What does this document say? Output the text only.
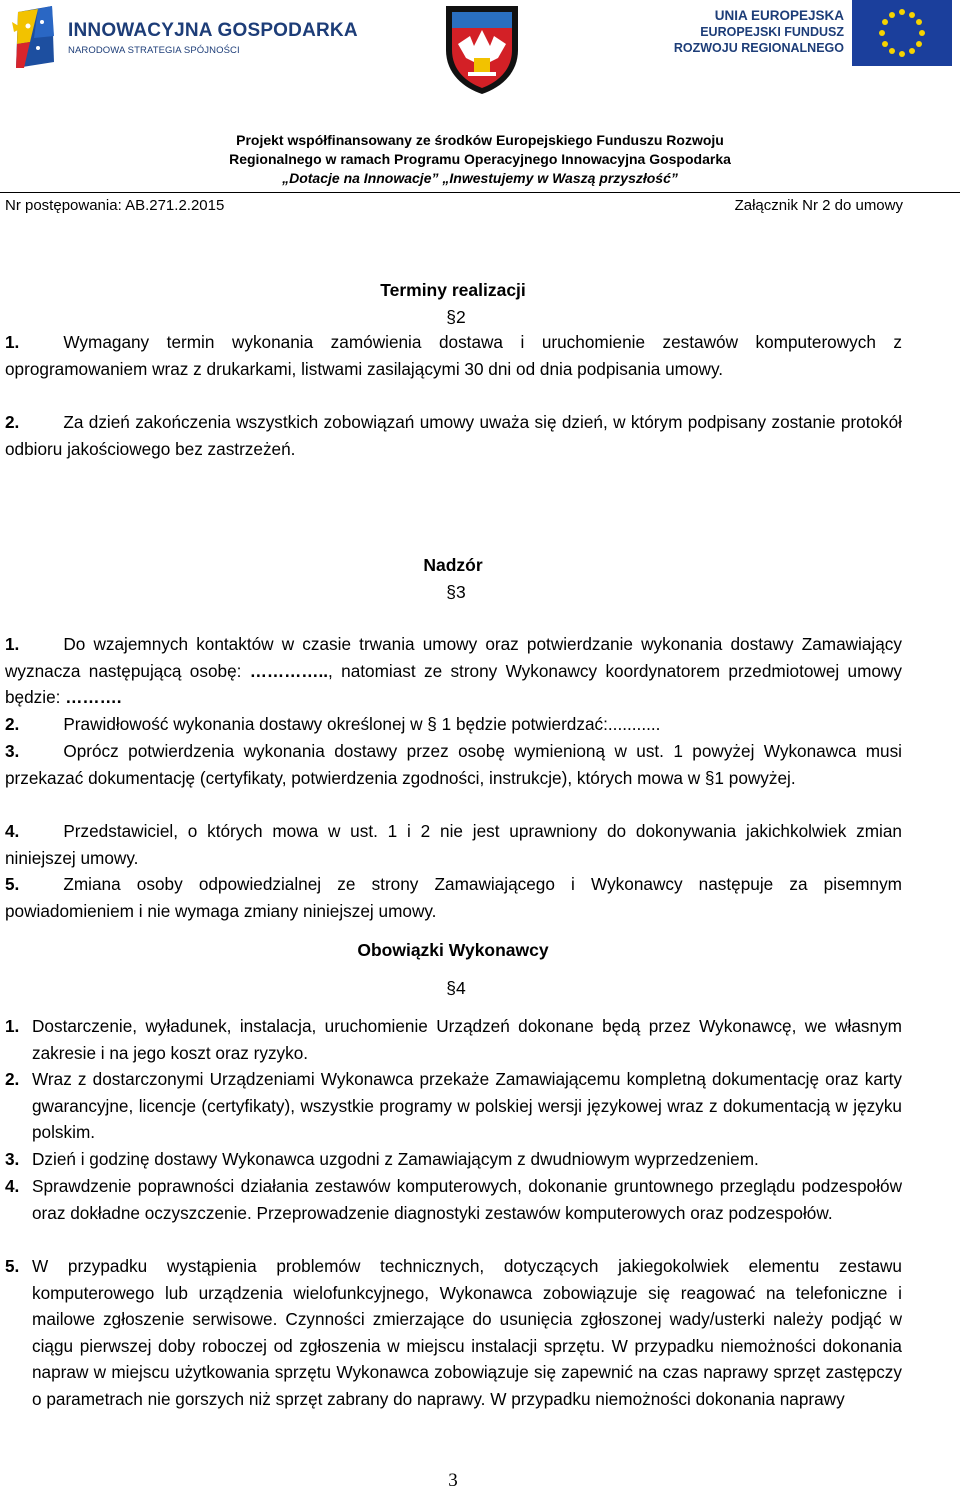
INNOWACYJNA GOSPODARKA
NARODOWA STRATEGIA SPÓJNOŚCI
UNIA EUROPEJSKA
EUROPEJSKI FUNDUSZ
ROZWOJU REGIONALNEGO
Projekt współfinansowany ze środków Europejskiego Funduszu Rozwoju
Regionalnego w ramach Programu Operacyjnego Innowacyjna Gospodarka
„Dotacje na Innowacje” „Inwestujemy w Waszą przyszłość”
Nr postępowania: AB.271.2.2015	Załącznik Nr 2 do umowy
Terminy realizacji
§2
1.	Wymagany termin wykonania zamówienia dostawa i uruchomienie zestawów komputerowych z oprogramowaniem wraz z drukarkami, listwami zasilającymi 30 dni od dnia podpisania umowy.
2.	Za dzień zakończenia wszystkich zobowiązań umowy uważa się dzień, w którym podpisany zostanie protokół odbioru jakościowego bez zastrzeżeń.
Nadzór
§3
1.	Do wzajemnych kontaktów w czasie trwania umowy oraz potwierdzanie wykonania dostawy Zamawiający wyznacza następującą osobę: ………….., natomiast ze strony Wykonawcy koordynatorem przedmiotowej umowy będzie: ……….
2.	Prawidłowość wykonania dostawy określonej w § 1 będzie potwierdzać:...........
3.	Oprócz potwierdzenia wykonania dostawy przez osobę wymienioną w ust. 1 powyżej Wykonawca musi przekazać dokumentację (certyfikaty, potwierdzenia zgodności, instrukcje), których mowa w §1 powyżej.
4.	Przedstawiciel, o których mowa w ust. 1 i 2 nie jest uprawniony do dokonywania jakichkolwiek zmian niniejszej umowy.
5.	Zmiana osoby odpowiedzialnej ze strony Zamawiającego i Wykonawcy następuje za pisemnym powiadomieniem i nie wymaga zmiany niniejszej umowy.
Obowiązki Wykonawcy
§4
1. Dostarczenie, wyładunek, instalacja, uruchomienie Urządzeń dokonane będą przez Wykonawcę, we własnym zakresie i na jego koszt oraz ryzyko.
2. Wraz z dostarczonymi Urządzeniami Wykonawca przekaże Zamawiającemu kompletną dokumentację oraz karty gwarancyjne, licencje (certyfikaty), wszystkie programy w polskiej wersji językowej wraz z dokumentacją w języku polskim.
3. Dzień i godzinę dostawy Wykonawca uzgodni z Zamawiającym z dwudniowym wyprzedzeniem.
4. Sprawdzenie poprawności działania zestawów komputerowych, dokonanie gruntownego przeglądu podzespołów oraz dokładne oczyszczenie. Przeprowadzenie diagnostyki zestawów komputerowych oraz podzespołów.
5. W przypadku wystąpienia problemów technicznych, dotyczących jakiegokolwiek elementu zestawu komputerowego lub urządzenia wielofunkcyjnego, Wykonawca zobowiązuje się reagować na telefoniczne i mailowe zgłoszenie serwisowe. Czynności zmierzające do usunięcia zgłoszonej wady/usterki należy podjąć w ciągu pierwszej doby roboczej od zgłoszenia w miejscu instalacji sprzętu. W przypadku niemożności dokonania napraw w miejscu użytkowania sprzętu Wykonawca zobowiązuje się zapewnić na czas naprawy sprzęt zastępczy o parametrach nie gorszych niż sprzęt zabrany do naprawy. W przypadku niemożności dokonania naprawy
3
